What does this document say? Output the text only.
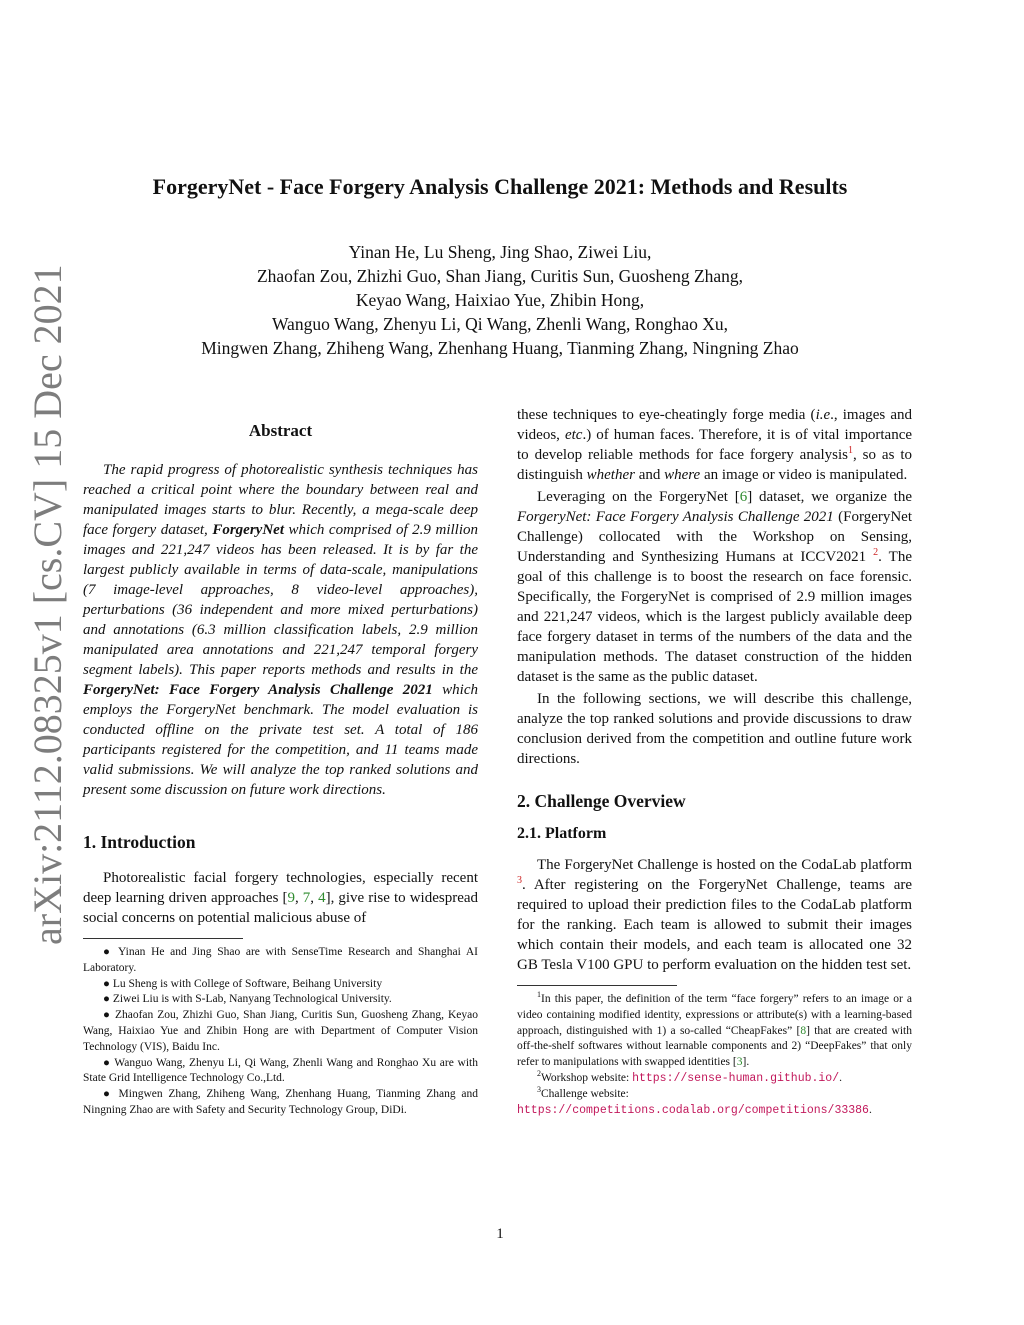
arXiv:2112.08325v1 [cs.CV] 15 Dec 2021
ForgeryNet - Face Forgery Analysis Challenge 2021: Methods and Results
Yinan He, Lu Sheng, Jing Shao, Ziwei Liu,
Zhaofan Zou, Zhizhi Guo, Shan Jiang, Curitis Sun, Guosheng Zhang,
Keyao Wang, Haixiao Yue, Zhibin Hong,
Wanguo Wang, Zhenyu Li, Qi Wang, Zhenli Wang, Ronghao Xu,
Mingwen Zhang, Zhiheng Wang, Zhenhang Huang, Tianming Zhang, Ningning Zhao
Abstract

The rapid progress of photorealistic synthesis techniques has reached a critical point where the boundary between real and manipulated images starts to blur. Recently, a mega-scale deep face forgery dataset, ForgeryNet which comprised of 2.9 million images and 221,247 videos has been released. It is by far the largest publicly available in terms of data-scale, manipulations (7 image-level approaches, 8 video-level approaches), perturbations (36 independent and more mixed perturbations) and annotations (6.3 million classification labels, 2.9 million manipulated area annotations and 221,247 temporal forgery segment labels). This paper reports methods and results in the ForgeryNet: Face Forgery Analysis Challenge 2021 which employs the ForgeryNet benchmark. The model evaluation is conducted offline on the private test set. A total of 186 participants registered for the competition, and 11 teams made valid submissions. We will analyze the top ranked solutions and present some discussion on future work directions.

1. Introduction

Photorealistic facial forgery technologies, especially recent deep learning driven approaches [9, 7, 4], give rise to widespread social concerns on potential malicious abuse of

● Yinan He and Jing Shao are with SenseTime Research and Shanghai AI Laboratory.

● Lu Sheng is with College of Software, Beihang University

● Ziwei Liu is with S-Lab, Nanyang Technological University.

● Zhaofan Zou, Zhizhi Guo, Shan Jiang, Curitis Sun, Guosheng Zhang, Keyao Wang, Haixiao Yue and Zhibin Hong are with Department of Computer Vision Technology (VIS), Baidu Inc.

● Wanguo Wang, Zhenyu Li, Qi Wang, Zhenli Wang and Ronghao Xu are with State Grid Intelligence Technology Co.,Ltd.

● Mingwen Zhang, Zhiheng Wang, Zhenhang Huang, Tianming Zhang and Ningning Zhao are with Safety and Security Technology Group, DiDi.

these techniques to eye-cheatingly forge media (i.e., images and videos, etc.) of human faces. Therefore, it is of vital importance to develop reliable methods for face forgery analysis$^1$, so as to distinguish whether and where an image or video is manipulated.

Leveraging on the ForgeryNet [6] dataset, we organize the ForgeryNet: Face Forgery Analysis Challenge 2021 (ForgeryNet Challenge) collocated with the Workshop on Sensing, Understanding and Synthesizing Humans at ICCV2021 $^2$. The goal of this challenge is to boost the research on face forensic. Specifically, the ForgeryNet is comprised of 2.9 million images and 221,247 videos, which is the largest publicly available deep face forgery dataset in terms of the numbers of the data and the manipulation methods. The dataset construction of the hidden dataset is the same as the public dataset.

In the following sections, we will describe this challenge, analyze the top ranked solutions and provide discussions to draw conclusion derived from the competition and outline future work directions.

2. Challenge Overview
2.1. Platform

The ForgeryNet Challenge is hosted on the CodaLab platform $^3$. After registering on the ForgeryNet Challenge, teams are required to upload their prediction files to the CodaLab platform for the ranking. Each team is allowed to submit their images which contain their models, and each team is allocated one 32 GB Tesla V100 GPU to perform evaluation on the hidden test set.

$^1$In this paper, the definition of the term “face forgery” refers to an image or a video containing modified identity, expressions or attribute(s) with a learning-based approach, distinguished with 1) a so-called “CheapFakes” [8] that are created with off-the-shelf softwares without learnable components and 2) “DeepFakes” that only refer to manipulations with swapped identities [3].

$^2$Workshop website: https://sense-human.github.io/.

$^3$Challenge website: https://competitions.codalab.org/competitions/33386.

1
